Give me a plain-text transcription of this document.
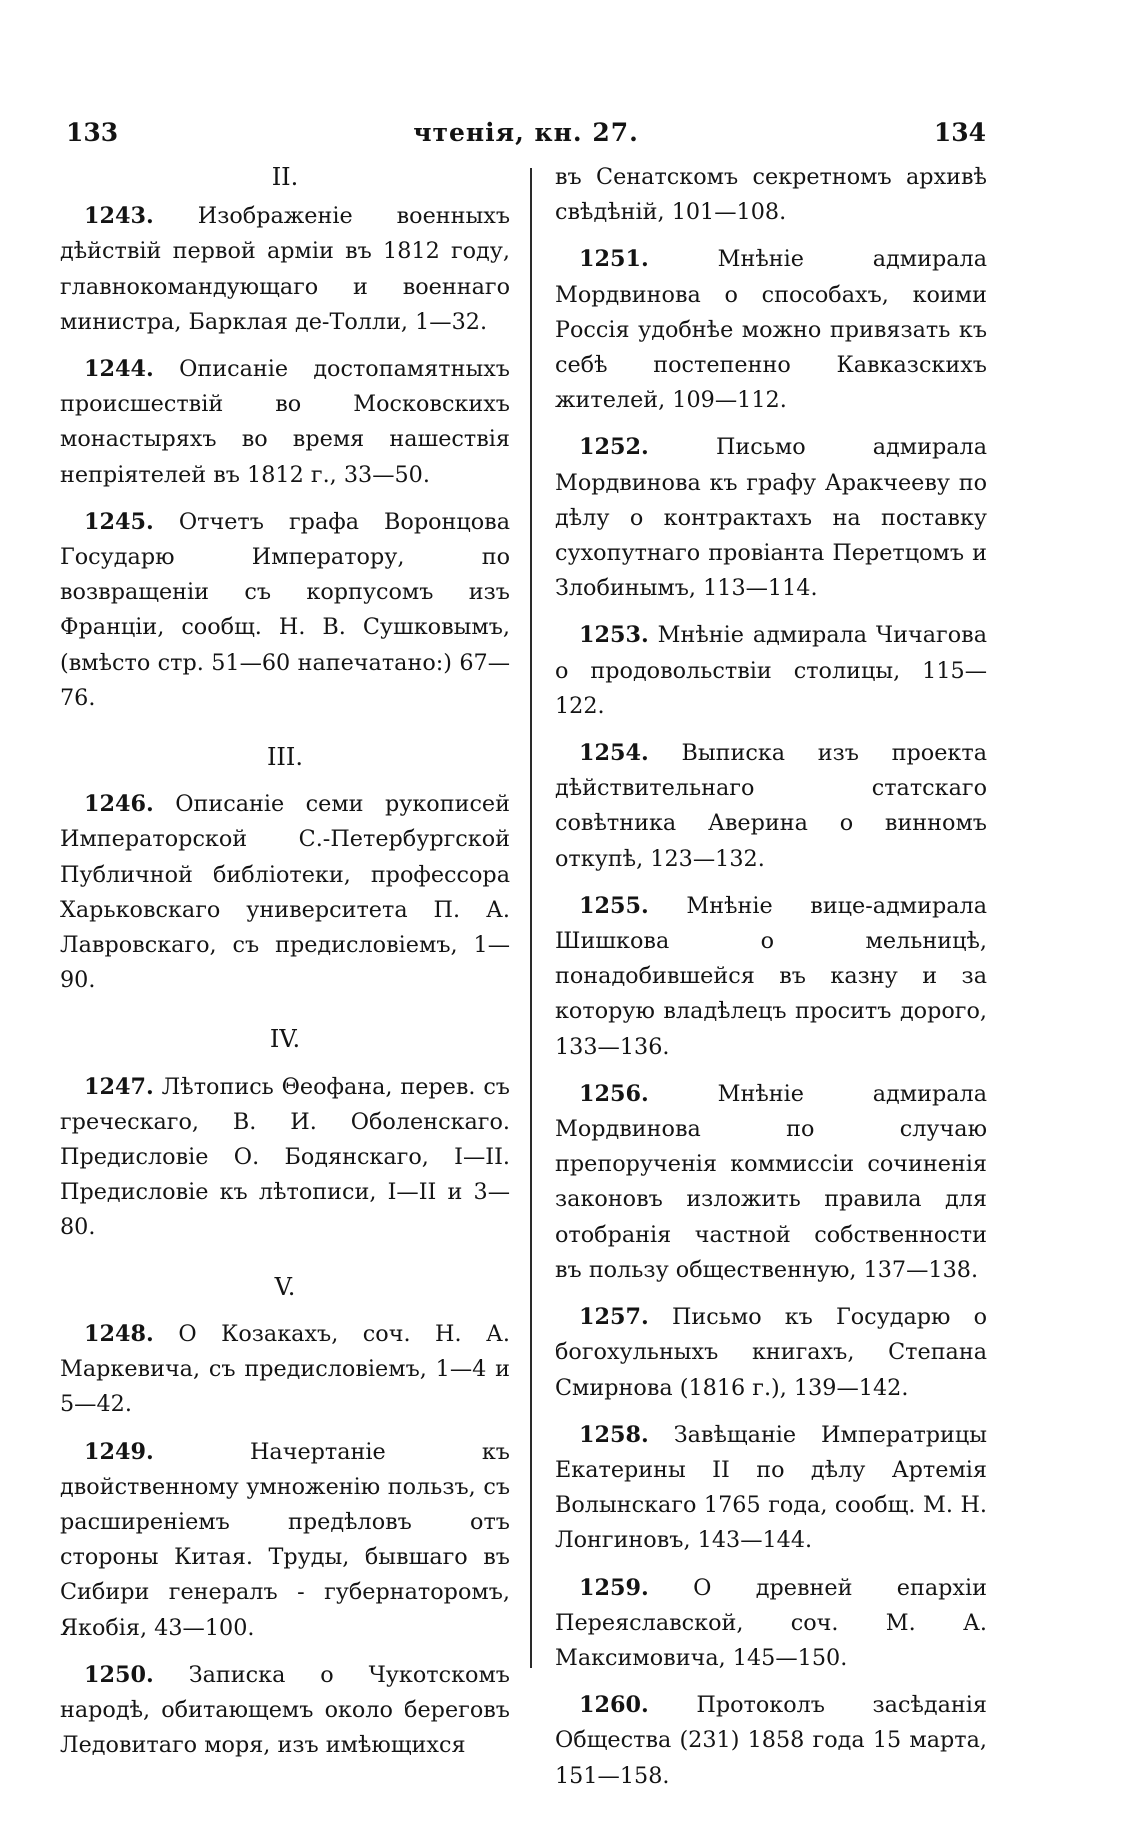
133	чтенія, кн. 27.	134
II.
1243. Изображеніе военныхъ дѣйствій первой арміи въ 1812 году, главнокомандующаго и военнаго министра, Барклая де-Толли, 1—32.
1244. Описаніе достопамятныхъ происшествій во Московскихъ монастыряхъ во время нашествія непріятелей въ 1812 г., 33—50.
1245. Отчетъ графа Воронцова Государю Императору, по возвращеніи съ корпусомъ изъ Франціи, сообщ. Н. В. Сушковымъ, (вмѣсто стр. 51—60 напечатано:) 67—76.
III.
1246. Описаніе семи рукописей Императорской С.-Петербургской Публичной библіотеки, профессора Харьковскаго университета П. А. Лавровскаго, съ предисловіемъ, 1—90.
IV.
1247. Лѣтопись Θеофана, перев. съ греческаго, В. И. Оболенскаго. Предисловіе О. Бодянскаго, I—II. Предисловіе къ лѣтописи, I—II и 3—80.
V.
1248. О Козакахъ, соч. Н. А. Маркевича, съ предисловіемъ, 1—4 и 5—42.
1249.	Начертаніе къ двойственному умноженію пользъ, съ расширеніемъ предѣловъ отъ стороны Китая. Труды, бывшаго въ Сибири генералъ - губернаторомъ, Якобія, 43—100.
1250. Записка о Чукотскомъ народѣ, обитающемъ около береговъ Ледовитаго моря, изъ имѣющихся
въ Сенатскомъ секретномъ архивѣ свѣдѣній, 101—108.
1251.	Мнѣніе адмирала Мордвинова о способахъ, коими Россія удобнѣе можно привязать къ себѣ постепенно Кавказскихъ жителей, 109—112.
1252.	Письмо адмирала Мордвинова къ графу Аракчееву по дѣлу о контрактахъ на поставку сухопутнаго провіанта Перетцомъ и Злобинымъ, 113—114.
1253. Мнѣніе адмирала Чичагова о продовольствіи столицы, 115—122.
1254. Выписка изъ проекта дѣйствительнаго статскаго совѣтника Аверина о винномъ откупѣ, 123—132.
1255. Мнѣніе вице-адмирала Шишкова о мельницѣ, понадобившейся въ казну и за которую владѣлецъ проситъ дорого, 133—136.
1256.	Мнѣніе адмирала Мордвинова по случаю препорученія коммиссіи сочиненія законовъ изложить правила для отобранія частной собственности въ пользу общественную, 137—138.
1257. Письмо къ Государю о богохульныхъ книгахъ, Степана Смирнова (1816 г.), 139—142.
1258. Завѣщаніе Императрицы Екатерины II по дѣлу Артемія Волынскаго 1765 года, сообщ. М. Н. Лонгиновъ, 143—144.
1259. О древней епархіи Переяславской, соч. М. А. Максимовича, 145—150.
1260. Протоколъ засѣданія Общества (231) 1858 года 15 марта, 151—158.
